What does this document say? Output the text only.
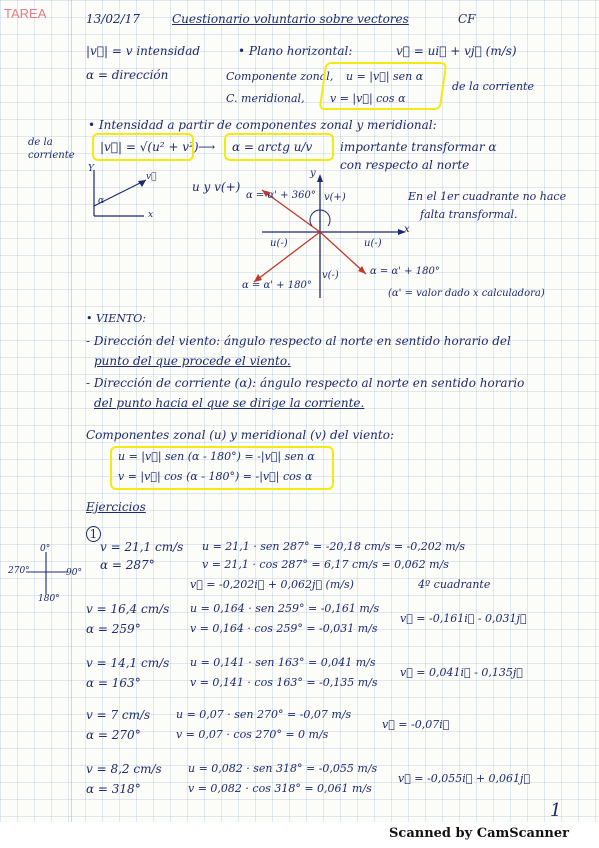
TAREA	13/02/17	Cuestionario voluntario sobre vectores	CF
|v⃗| = v intensidad
α = dirección
• Plano horizontal:	v⃗ = ui⃗ + vj⃗ (m/s)
Componente zonal, u = |v⃗| sen α
C. meridional, v = |v⃗| cos α
de la corriente
• Intensidad a partir de componentes zonal y meridional:
de la corriente
|v⃗| = √(u² + v²) ⟶ α = arctg u/v importante transformar α
con respecto al norte
Y
v⃗
x
α
u y v(+)
y
x
α = α' + 360° v(+)
u(-)	u(-)
v(-)
α = α' + 180°
α = α' + 180°
En el 1er cuadrante no hace
falta transformal.
(α' = valor dado x calculadora)
• VIENTO:
- Dirección del viento: ángulo respecto al norte en sentido horario del
punto del que procede el viento.
- Dirección de corriente (α): ángulo respecto al norte en sentido horario
del punto hacia el que se dirige la corriente.
Componentes zonal (u) y meridional (v) del viento:
u = |v⃗| sen (α - 180°) = -|v⃗| sen α
v = |v⃗| cos (α - 180°) = -|v⃗| cos α
Ejercicios
1
0°
90°
180°
270°
v = 21,1 cm/s
α = 287°
u = 21,1 · sen 287° = -20,18 cm/s = -0,202 m/s
v = 21,1 · cos 287° = 6,17 cm/s = 0,062 m/s
v⃗ = -0,202i⃗ + 0,062j⃗ (m/s)	4º cuadrante
v = 16,4 cm/s
α = 259°
u = 0,164 · sen 259° = -0,161 m/s
v = 0,164 · cos 259° = -0,031 m/s
v⃗ = -0,161i⃗ - 0,031j⃗
v = 14,1 cm/s
α = 163°
u = 0,141 · sen 163° = 0,041 m/s
v = 0,141 · cos 163° = -0,135 m/s
v⃗ = 0,041i⃗ - 0,135j⃗
v = 7 cm/s
α = 270°
u = 0,07 · sen 270° = -0,07 m/s
v = 0,07 · cos 270° = 0 m/s
v⃗ = -0,07i⃗
v = 8,2 cm/s
α = 318°
u = 0,082 · sen 318° = -0,055 m/s
v = 0,082 · cos 318° = 0,061 m/s
v⃗ = -0,055i⃗ + 0,061j⃗
1
Scanned by CamScanner
